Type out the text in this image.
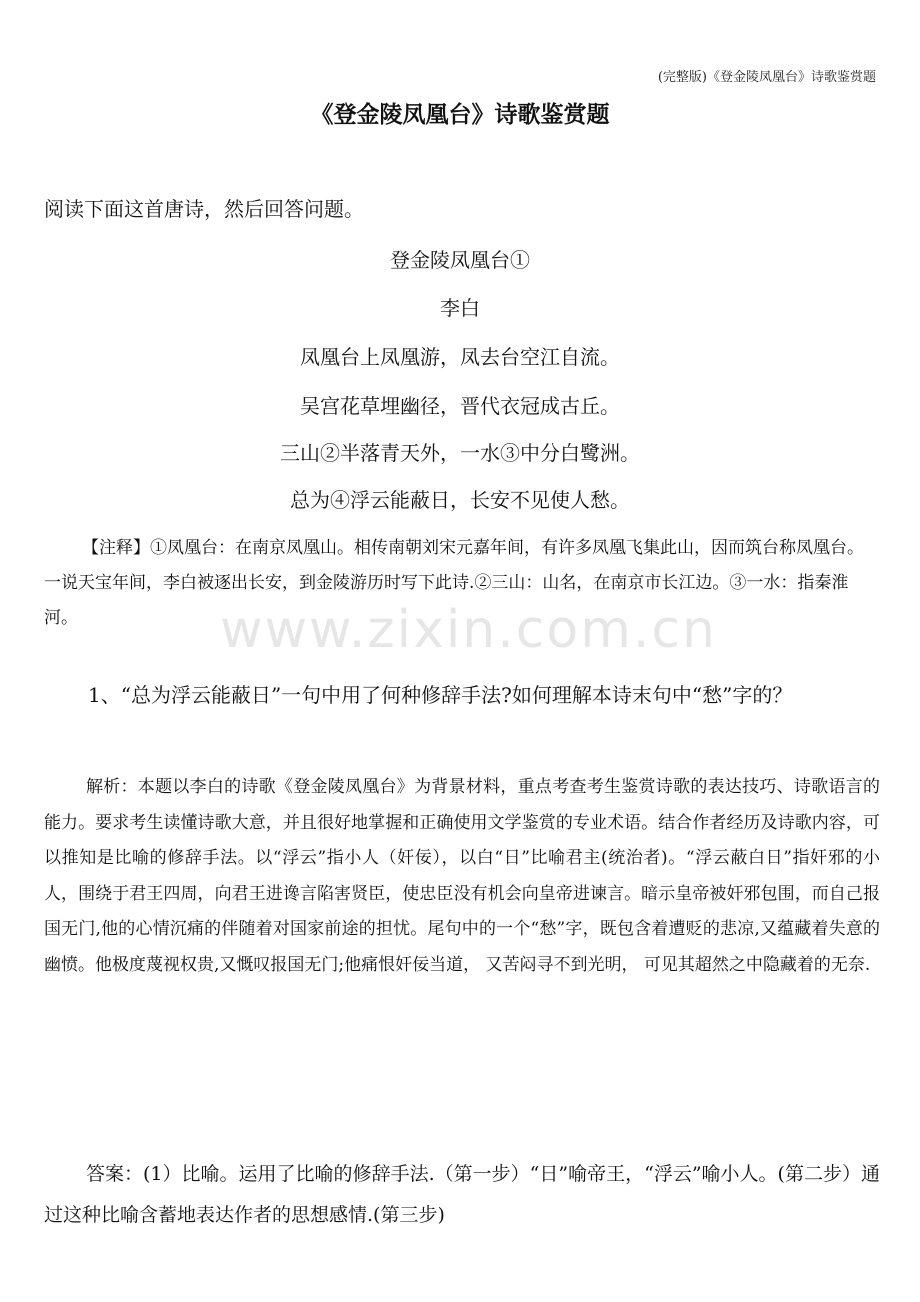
www.zixin.com.cn
(完整版)《登金陵凤凰台》诗歌鉴赏题
《登金陵凤凰台》诗歌鉴赏题
阅读下面这首唐诗，然后回答问题。
登金陵凤凰台①
李白
凤凰台上凤凰游，凤去台空江自流。
吴宫花草埋幽径，晋代衣冠成古丘。
三山②半落青天外，一水③中分白鹭洲。
总为④浮云能蔽日，长安不见使人愁。
【注释】①凤凰台：在南京凤凰山。相传南朝刘宋元嘉年间，有许多凤凰飞集此山，因而筑台称凤凰台。一说天宝年间，李白被逐出长安，到金陵游历时写下此诗.②三山：山名，在南京市长江边。③一水：指秦淮河。
1、“总为浮云能蔽日”一句中用了何种修辞手法?如何理解本诗末句中“愁”字的？
解析：本题以李白的诗歌《登金陵凤凰台》为背景材料，重点考查考生鉴赏诗歌的表达技巧、诗歌语言的能力。要求考生读懂诗歌大意，并且很好地掌握和正确使用文学鉴赏的专业术语。结合作者经历及诗歌内容，可以推知是比喻的修辞手法。以“浮云”指小人（奸佞），以白“日”比喻君主(统治者)。“浮云蔽白日”指奸邪的小人，围绕于君王四周，向君王进谗言陷害贤臣，使忠臣没有机会向皇帝进谏言。暗示皇帝被奸邪包围，而自己报国无门,他的心情沉痛的伴随着对国家前途的担忧。尾句中的一个“愁”字，既包含着遭贬的悲凉,又蕴藏着失意的幽愤。他极度蔑视权贵,又慨叹报国无门;他痛恨奸佞当道， 又苦闷寻不到光明， 可见其超然之中隐藏着的无奈.
答案：(1）比喻。运用了比喻的修辞手法.（第一步）“日”喻帝王，“浮云”喻小人。(第二步）通过这种比喻含蓄地表达作者的思想感情.(第三步)
